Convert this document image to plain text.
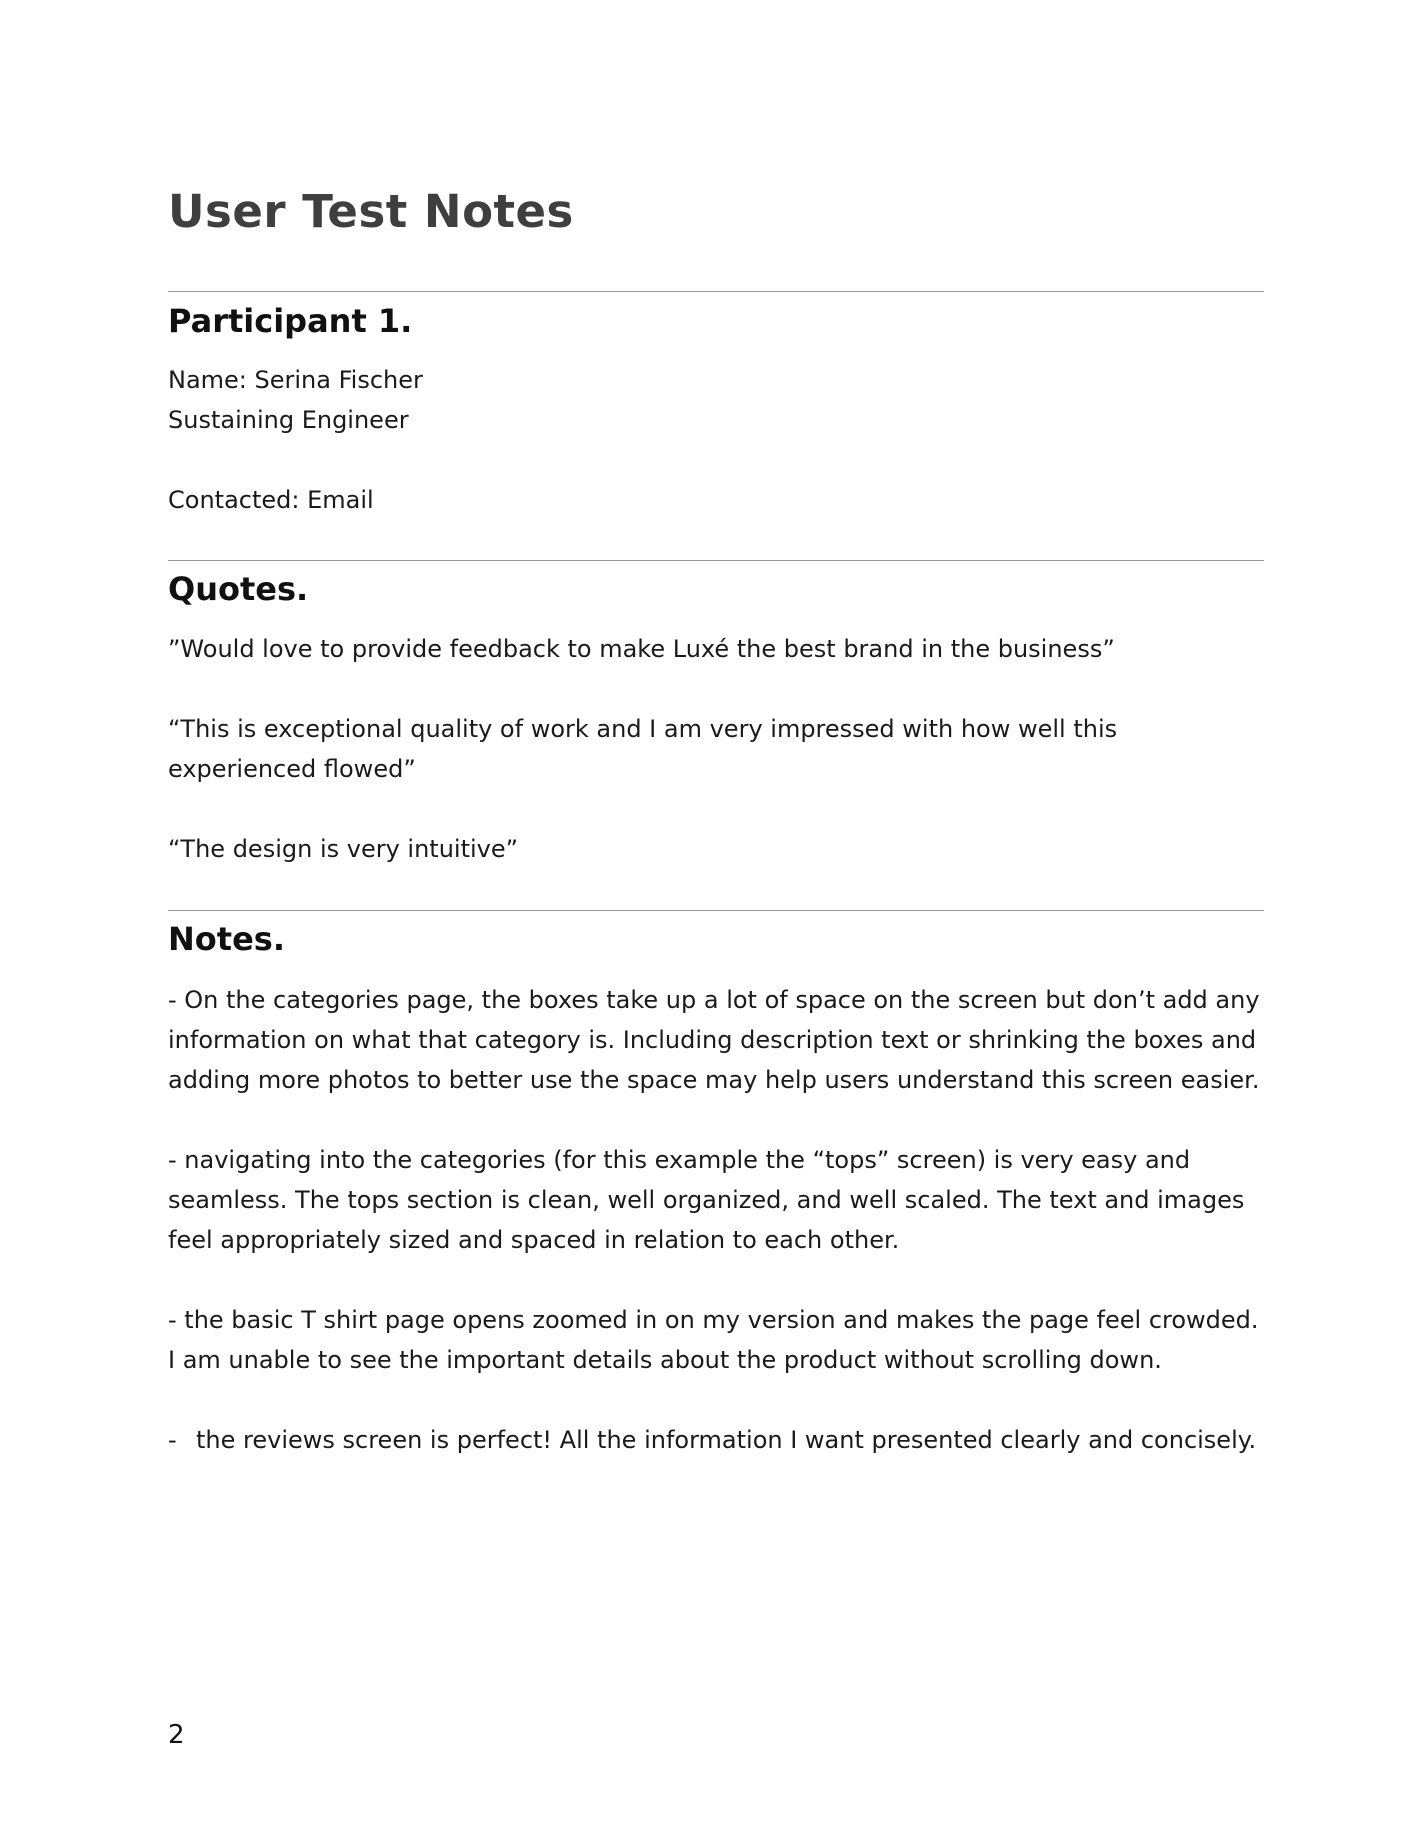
User Test Notes
Participant 1.

Name: Serina Fischer

Sustaining Engineer

Contacted: Email

Quotes.

”Would love to provide feedback to make Luxé the best brand in the business”

“This is exceptional quality of work and I am very impressed with how well this experienced flowed”

“The design is very intuitive”

Notes.

- On the categories page, the boxes take up a lot of space on the screen but don’t add any information on what that category is. Including description text or shrinking the boxes and adding more photos to better use the space may help users understand this screen easier.

- navigating into the categories (for this example the “tops” screen) is very easy and seamless. The tops section is clean, well organized, and well scaled. The text and images feel appropriately sized and spaced in relation to each other.

- the basic T shirt page opens zoomed in on my version and makes the page feel crowded. I am unable to see the important details about the product without scrolling down.

- the reviews screen is perfect! All the information I want presented clearly and concisely.

2
